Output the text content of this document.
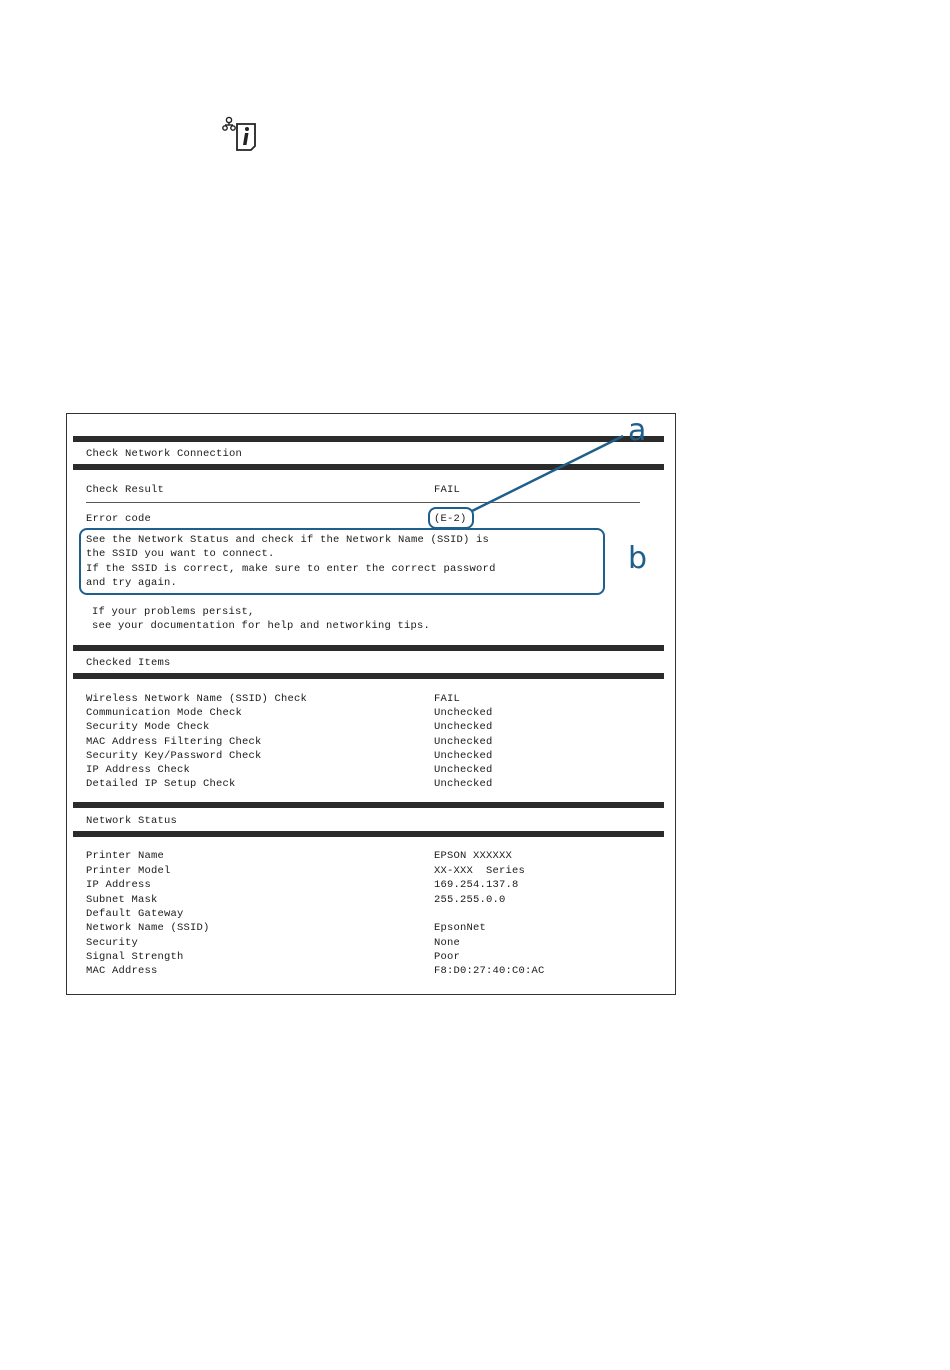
Check Network Connection
Check Result	FAIL
Error code	(E-2)
See the Network Status and check if the Network Name (SSID) is
the SSID you want to connect.
If the SSID is correct, make sure to enter the correct password
and try again.
If your problems persist,
see your documentation for help and networking tips.
Checked Items
Wireless Network Name (SSID) Check	FAIL
Communication Mode Check	Unchecked
Security Mode Check	Unchecked
MAC Address Filtering Check	Unchecked
Security Key/Password Check	Unchecked
IP Address Check	Unchecked
Detailed IP Setup Check	Unchecked
Network Status
Printer Name	EPSON XXXXXX
Printer Model	XX-XXX  Series
IP Address	169.254.137.8
Subnet Mask	255.255.0.0
Default Gateway
Network Name (SSID)	EpsonNet
Security	None
Signal Strength	Poor
MAC Address	F8:D0:27:40:C0:AC
a
b
